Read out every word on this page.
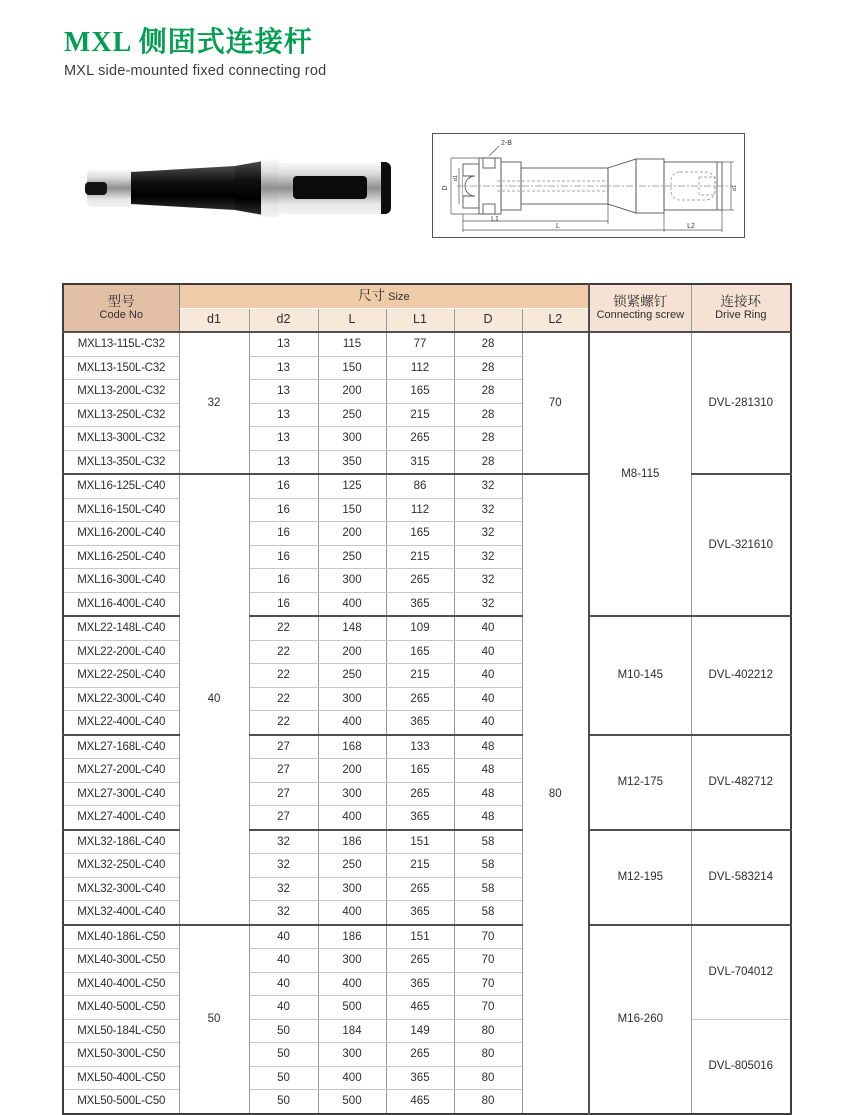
MXL 侧固式连接杆
MXL side-mounted fixed connecting rod
L1
L	L2
2-B
D
d1
d1
型号
Code No	尺寸 Size						锁紧螺钉
Connecting screw	连接环
Drive Ring

	d1	d2	L	L1	D	L2		
MXL13-115L-C32	32	13	115	77	28	70	M8-115	DVL-281310
MXL13-150L-C32		13	150	112	28			
MXL13-200L-C32		13	200	165	28			
MXL13-250L-C32		13	250	215	28			
MXL13-300L-C32		13	300	265	28			
MXL13-350L-C32		13	350	315	28			
MXL16-125L-C40	40	16	125	86	32	80		DVL-321610
MXL16-150L-C40		16	150	112	32			
MXL16-200L-C40		16	200	165	32			
MXL16-250L-C40		16	250	215	32			
MXL16-300L-C40		16	300	265	32			
MXL16-400L-C40		16	400	365	32			
MXL22-148L-C40		22	148	109	40		M10-145	DVL-402212
MXL22-200L-C40		22	200	165	40			
MXL22-250L-C40		22	250	215	40			
MXL22-300L-C40		22	300	265	40			
MXL22-400L-C40		22	400	365	40			
MXL27-168L-C40		27	168	133	48		M12-175	DVL-482712
MXL27-200L-C40		27	200	165	48			
MXL27-300L-C40		27	300	265	48			
MXL27-400L-C40		27	400	365	48			
MXL32-186L-C40		32	186	151	58		M12-195	DVL-583214
MXL32-250L-C40		32	250	215	58			
MXL32-300L-C40		32	300	265	58			
MXL32-400L-C40		32	400	365	58			
MXL40-186L-C50	50	40	186	151	70		M16-260	DVL-704012
MXL40-300L-C50		40	300	265	70			
MXL40-400L-C50		40	400	365	70			
MXL40-500L-C50		40	500	465	70			
MXL50-184L-C50		50	184	149	80			DVL-805016
MXL50-300L-C50		50	300	265	80			
MXL50-400L-C50		50	400	365	80			
MXL50-500L-C50		50	500	465	80			
